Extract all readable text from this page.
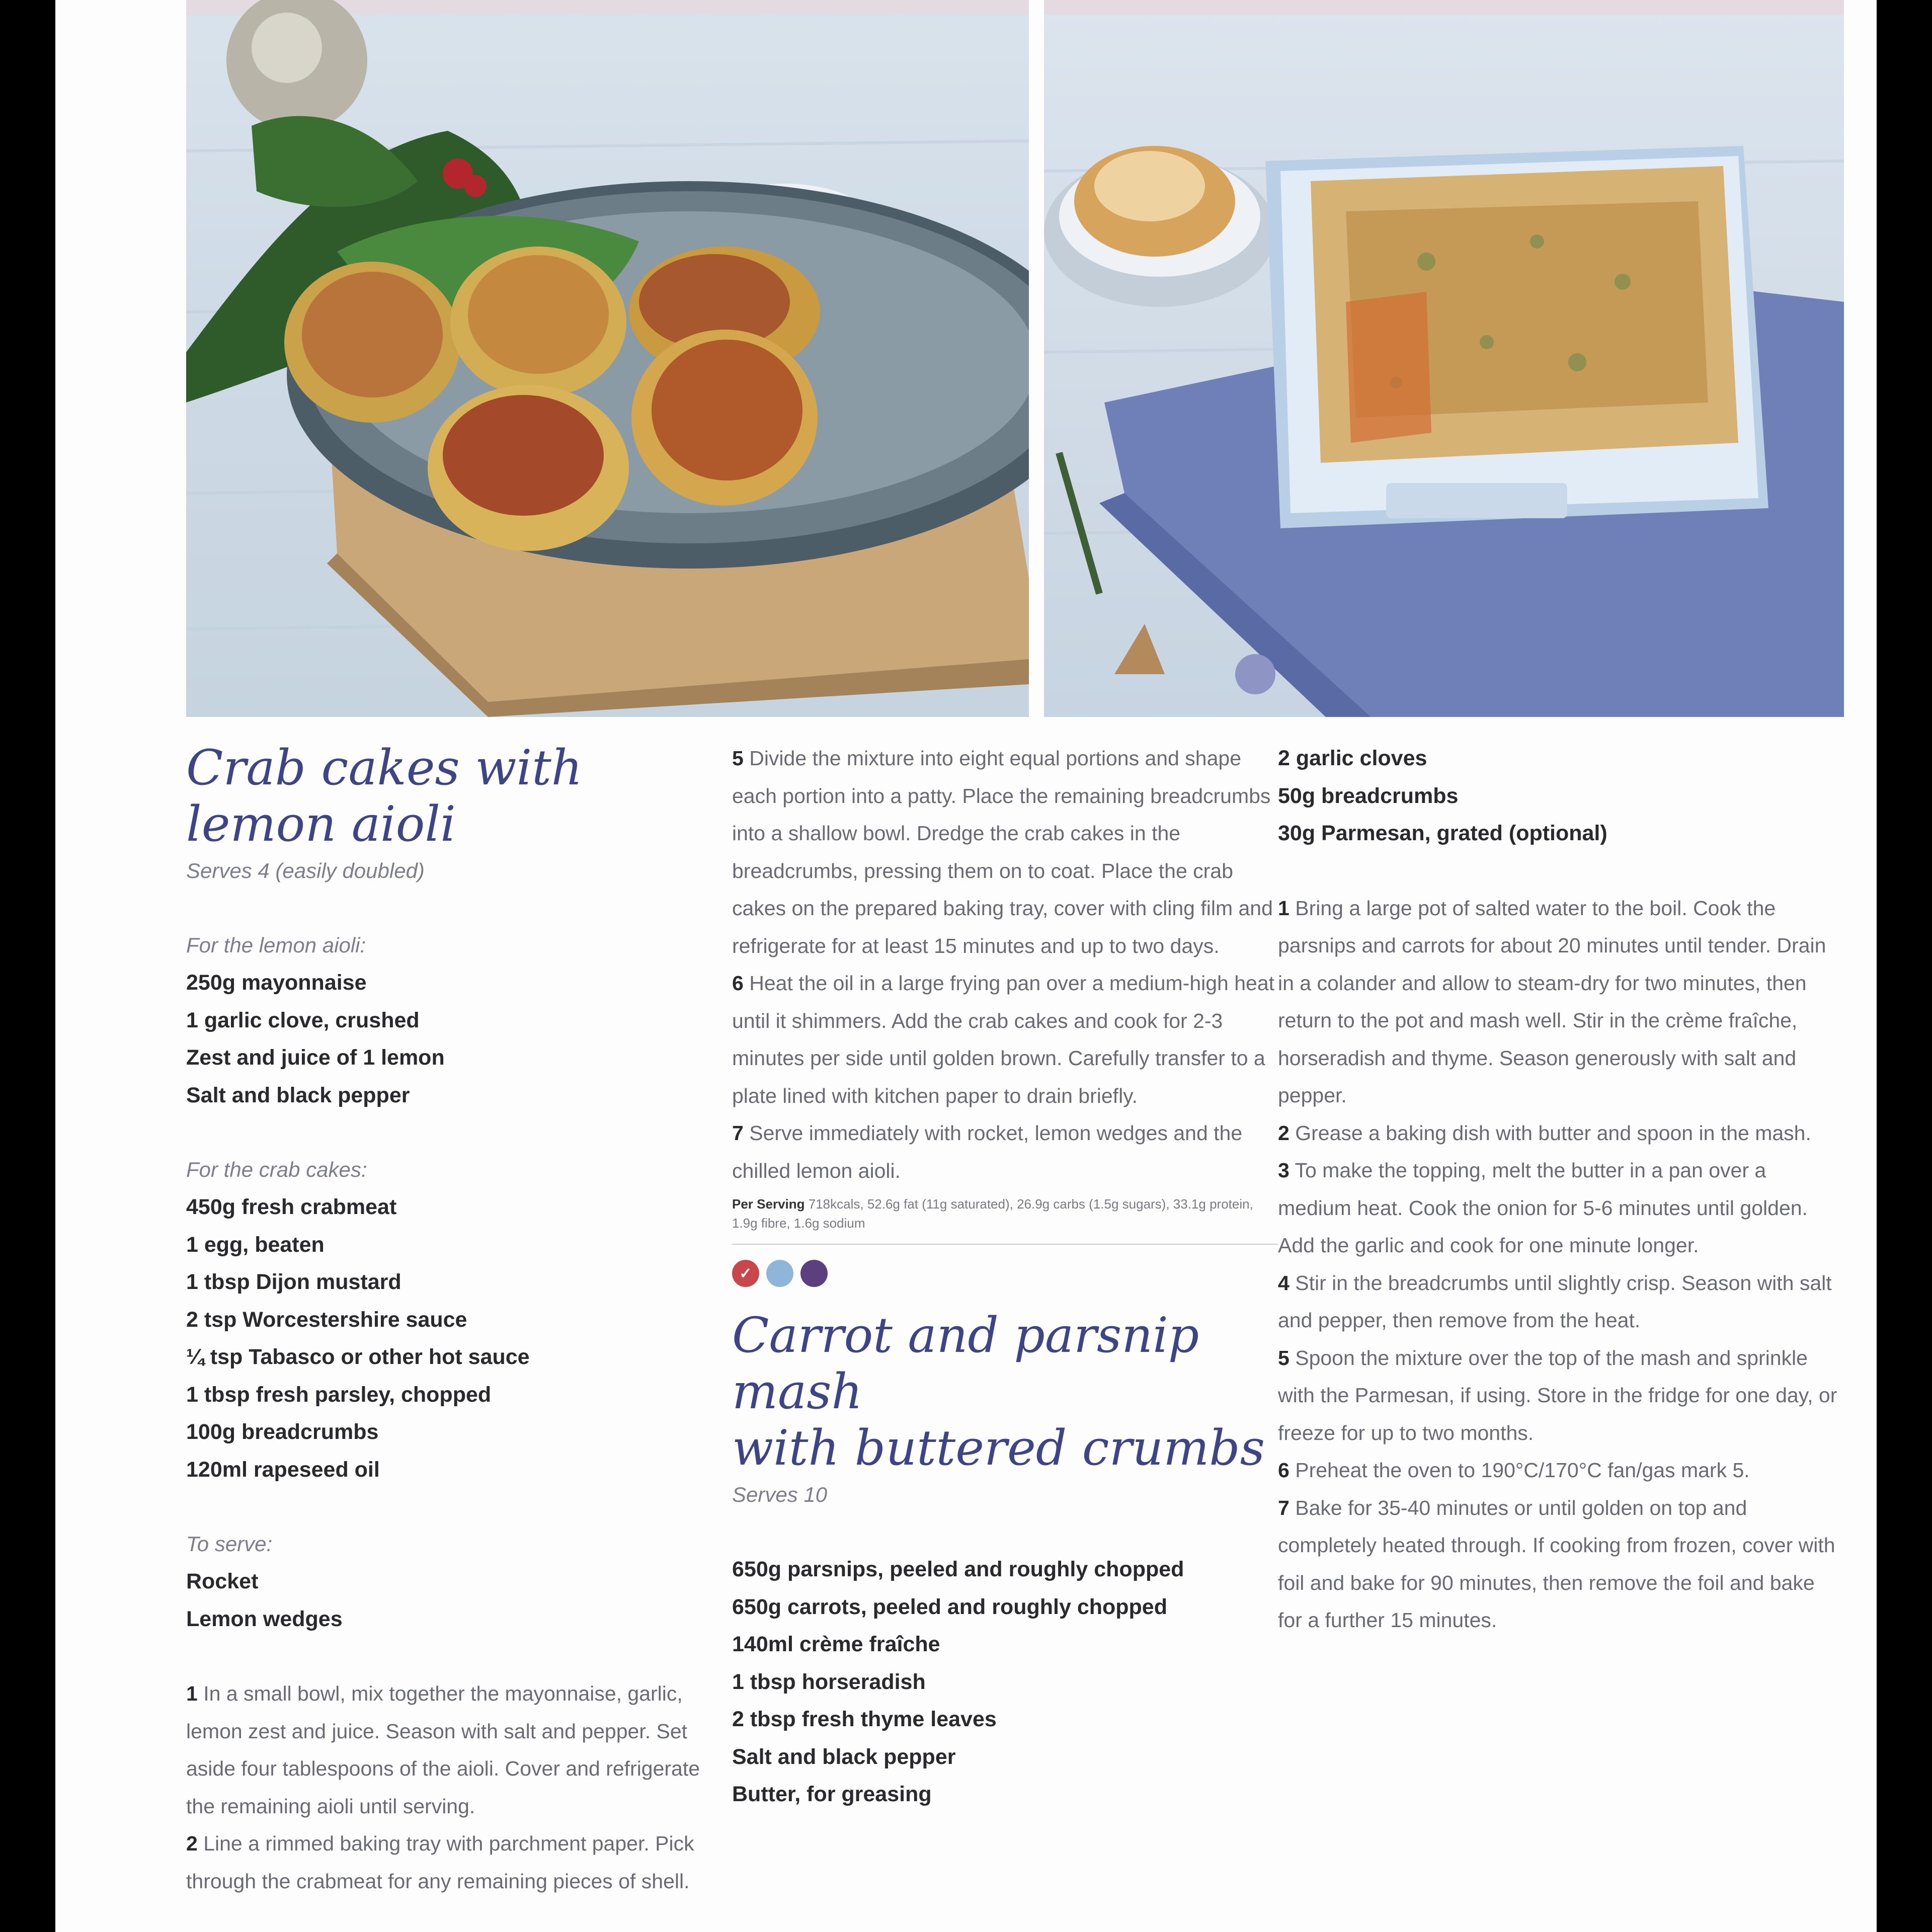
Crab cakes with lemon aioli

Serves 4 (easily doubled)

For the lemon aioli:

250g mayonnaise

1 garlic clove, crushed

Zest and juice of 1 lemon

Salt and black pepper

For the crab cakes:

450g fresh crabmeat

1 egg, beaten

1 tbsp Dijon mustard

2 tsp Worcestershire sauce

¼ tsp Tabasco or other hot sauce

1 tbsp fresh parsley, chopped

100g breadcrumbs

120ml rapeseed oil

To serve:

Rocket

Lemon wedges

1 In a small bowl, mix together the mayonnaise, garlic, lemon zest and juice. Season with salt and pepper. Set aside four tablespoons of the aioli. Cover and refrigerate the remaining aioli until serving.

2 Line a rimmed baking tray with parchment paper. Pick through the crabmeat for any remaining pieces of shell.

5 Divide the mixture into eight equal portions and shape each portion into a patty. Place the remaining breadcrumbs into a shallow bowl. Dredge the crab cakes in the breadcrumbs, pressing them on to coat. Place the crab cakes on the prepared baking tray, cover with cling film and refrigerate for at least 15 minutes and up to two days.

6 Heat the oil in a large frying pan over a medium-high heat until it shimmers. Add the crab cakes and cook for 2-3 minutes per side until golden brown. Carefully transfer to a plate lined with kitchen paper to drain briefly.

7 Serve immediately with rocket, lemon wedges and the chilled lemon aioli.

Per Serving 718kcals, 52.6g fat (11g saturated), 26.9g carbs (1.5g sugars), 33.1g protein, 1.9g fibre, 1.6g sodium

✓

Carrot and parsnip mash
with buttered crumbs

Serves 10

650g parsnips, peeled and roughly chopped

650g carrots, peeled and roughly chopped

140ml crème fraîche

1 tbsp horseradish

2 tbsp fresh thyme leaves

Salt and black pepper

Butter, for greasing

2 garlic cloves

50g breadcrumbs

30g Parmesan, grated (optional)

1 Bring a large pot of salted water to the boil. Cook the parsnips and carrots for about 20 minutes until tender. Drain in a colander and allow to steam-dry for two minutes, then return to the pot and mash well. Stir in the crème fraîche, horseradish and thyme. Season generously with salt and pepper.

2 Grease a baking dish with butter and spoon in the mash.

3 To make the topping, melt the butter in a pan over a medium heat. Cook the onion for 5-6 minutes until golden. Add the garlic and cook for one minute longer.

4 Stir in the breadcrumbs until slightly crisp. Season with salt and pepper, then remove from the heat.

5 Spoon the mixture over the top of the mash and sprinkle with the Parmesan, if using. Store in the fridge for one day, or freeze for up to two months.

6 Preheat the oven to 190°C/170°C fan/gas mark 5.

7 Bake for 35-40 minutes or until golden on top and completely heated through. If cooking from frozen, cover with foil and bake for 90 minutes, then remove the foil and bake for a further 15 minutes.
